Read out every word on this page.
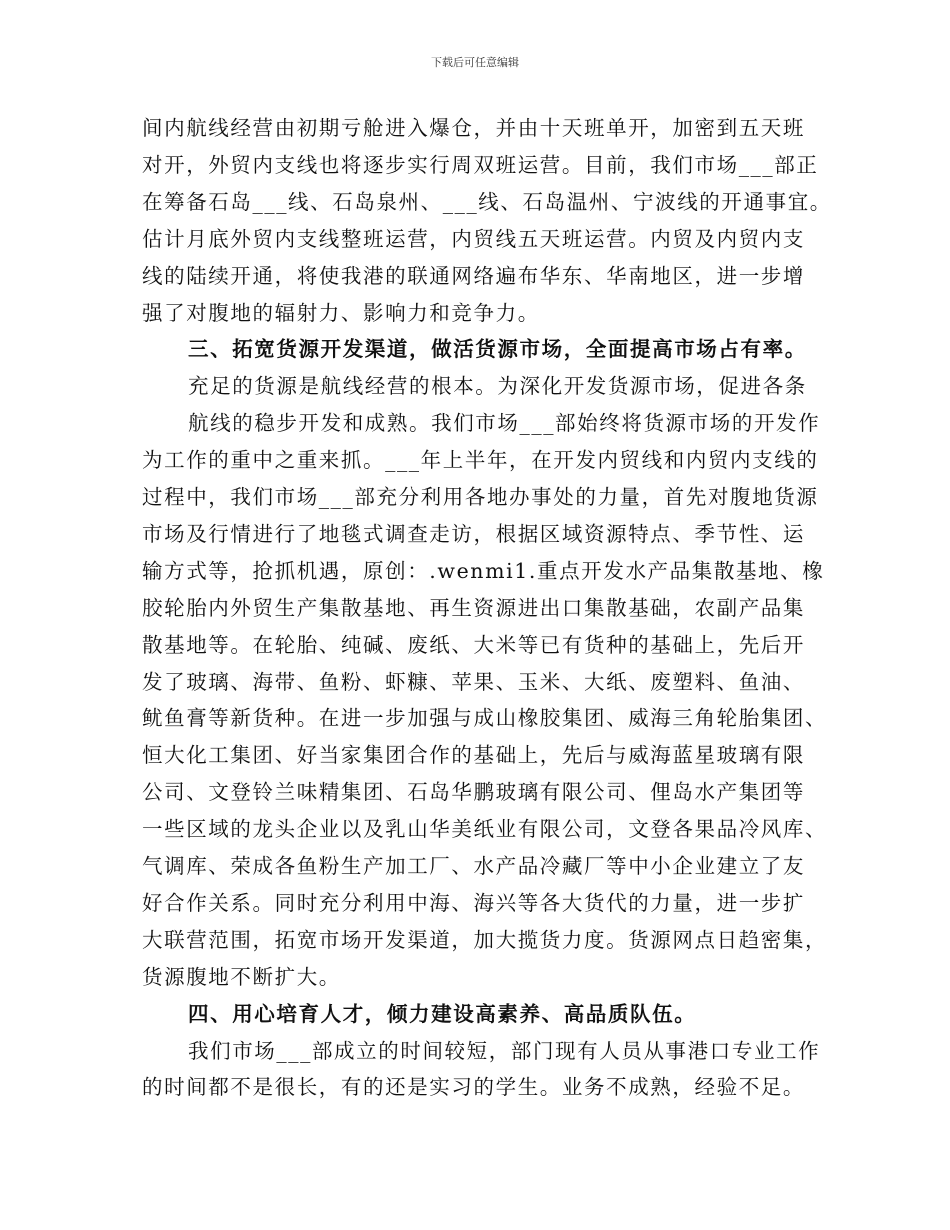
下载后可任意编辑
间内航线经营由初期亏舱进入爆仓，并由十天班单开，加密到五天班
对开，外贸内支线也将逐步实行周双班运营。目前，我们市场___部正
在筹备石岛___线、石岛泉州、___线、石岛温州、宁波线的开通事宜。
估计月底外贸内支线整班运营，内贸线五天班运营。内贸及内贸内支
线的陆续开通，将使我港的联通网络遍布华东、华南地区，进一步增
强了对腹地的辐射力、影响力和竞争力。
三、拓宽货源开发渠道，做活货源市场，全面提高市场占有率。
充足的货源是航线经营的根本。为深化开发货源市场，促进各条
航线的稳步开发和成熟。我们市场___部始终将货源市场的开发作
为工作的重中之重来抓。___年上半年，在开发内贸线和内贸内支线的
过程中，我们市场___部充分利用各地办事处的力量，首先对腹地货源
市场及行情进行了地毯式调查走访，根据区域资源特点、季节性、运
输方式等，抢抓机遇，原创：.wenmi1.重点开发水产品集散基地、橡
胶轮胎内外贸生产集散基地、再生资源进出口集散基础，农副产品集
散基地等。在轮胎、纯碱、废纸、大米等已有货种的基础上，先后开
发了玻璃、海带、鱼粉、虾糠、苹果、玉米、大纸、废塑料、鱼油、
鱿鱼膏等新货种。在进一步加强与成山橡胶集团、威海三角轮胎集团、
恒大化工集团、好当家集团合作的基础上，先后与威海蓝星玻璃有限
公司、文登铃兰味精集团、石岛华鹏玻璃有限公司、俚岛水产集团等
一些区域的龙头企业以及乳山华美纸业有限公司，文登各果品冷风库、
气调库、荣成各鱼粉生产加工厂、水产品冷藏厂等中小企业建立了友
好合作关系。同时充分利用中海、海兴等各大货代的力量，进一步扩
大联营范围，拓宽市场开发渠道，加大揽货力度。货源网点日趋密集，
货源腹地不断扩大。
四、用心培育人才，倾力建设高素养、高品质队伍。
我们市场___部成立的时间较短，部门现有人员从事港口专业工作
的时间都不是很长，有的还是实习的学生。业务不成熟，经验不足。
